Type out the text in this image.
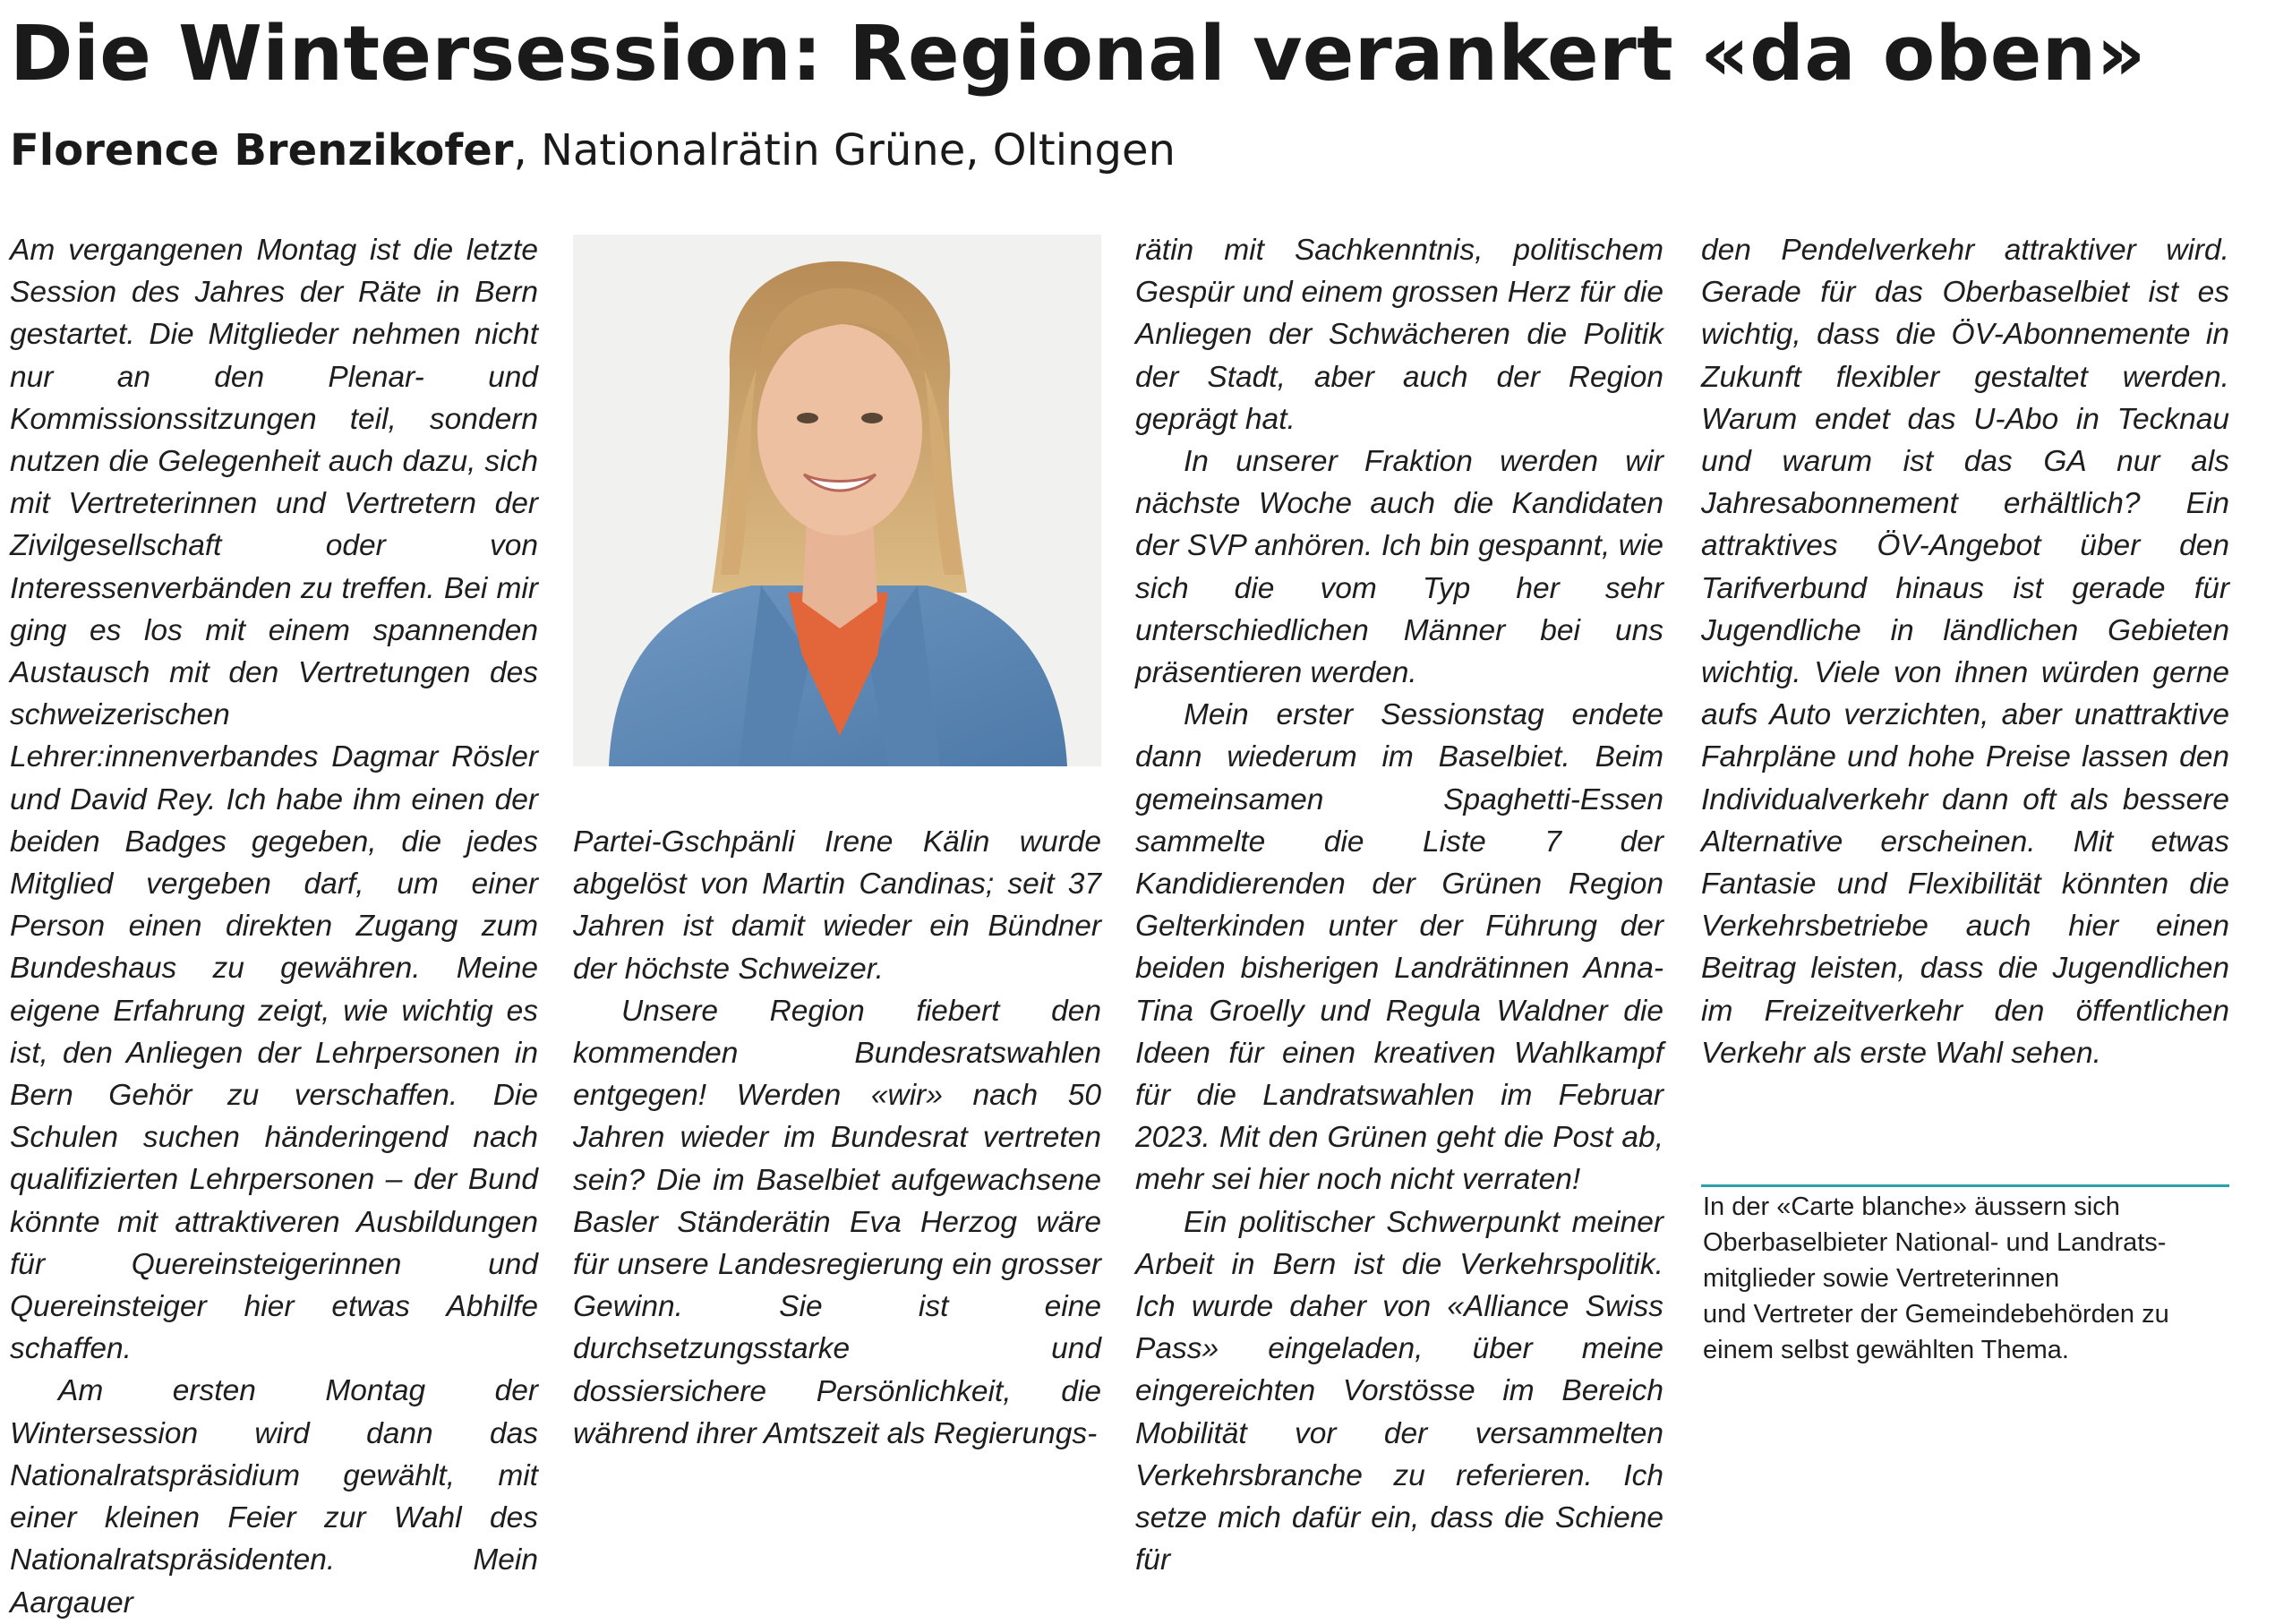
Die Wintersession: Regional verankert «da oben»
Florence Brenzikofer, Nationalrätin Grüne, Oltingen

Am vergangenen Montag ist die letzte Session des Jahres der Räte in Bern gestartet. Die Mitglieder nehmen nicht nur an den Plenar- und Kommissionssitzungen teil, sondern nutzen die Gelegenheit auch dazu, sich mit Vertreterinnen und Vertretern der Zivilgesellschaft oder von Interessenverbänden zu treffen. Bei mir ging es los mit einem spannenden Austausch mit den Vertretungen des schweizerischen Lehrer:innenverbandes Dagmar Rösler und David Rey. Ich habe ihm einen der beiden Badges gegeben, die jedes Mitglied vergeben darf, um einer Person einen direkten Zugang zum Bundeshaus zu gewähren. Meine eigene Erfahrung zeigt, wie wichtig es ist, den Anliegen der Lehrpersonen in Bern Gehör zu verschaffen. Die Schulen suchen händeringend nach qualifizierten Lehrpersonen – der Bund könnte mit attraktiveren Ausbildungen für Quereinsteigerinnen und Quereinsteiger hier etwas Abhilfe schaffen.

Am ersten Montag der Wintersession wird dann das Nationalratspräsidium gewählt, mit einer kleinen Feier zur Wahl des Nationalratspräsidenten. Mein Aargauer

Partei-Gschpänli Irene Kälin wurde abgelöst von Martin Candinas; seit 37 Jahren ist damit wieder ein Bündner der höchste Schweizer.

Unsere Region fiebert den kommenden Bundesratswahlen entgegen! Werden «wir» nach 50 Jahren wieder im Bundesrat vertreten sein? Die im Baselbiet aufgewachsene Basler Ständerätin Eva Herzog wäre für unsere Landesregierung ein grosser Gewinn. Sie ist eine durchsetzungsstarke und dossiersichere Persönlichkeit, die während ihrer Amtszeit als Regierungs-

rätin mit Sachkenntnis, politischem Gespür und einem grossen Herz für die Anliegen der Schwächeren die Politik der Stadt, aber auch der Region geprägt hat.

In unserer Fraktion werden wir nächste Woche auch die Kandidaten der SVP anhören. Ich bin gespannt, wie sich die vom Typ her sehr unterschiedlichen Männer bei uns präsentieren werden.

Mein erster Sessionstag endete dann wiederum im Baselbiet. Beim gemeinsamen Spaghetti-Essen sammelte die Liste 7 der Kandidierenden der Grünen Region Gelterkinden unter der Führung der beiden bisherigen Landrätinnen Anna-Tina Groelly und Regula Waldner die Ideen für einen kreativen Wahlkampf für die Landratswahlen im Februar 2023. Mit den Grünen geht die Post ab, mehr sei hier noch nicht verraten!

Ein politischer Schwerpunkt meiner Arbeit in Bern ist die Verkehrspolitik. Ich wurde daher von «Alliance Swiss Pass» eingeladen, über meine eingereichten Vorstösse im Bereich Mobilität vor der versammelten Verkehrsbranche zu referieren. Ich setze mich dafür ein, dass die Schiene für

den Pendelverkehr attraktiver wird. Gerade für das Oberbaselbiet ist es wichtig, dass die ÖV-Abonnemente in Zukunft flexibler gestaltet werden. Warum endet das U-Abo in Tecknau und warum ist das GA nur als Jahresabonnement erhältlich? Ein attraktives ÖV-Angebot über den Tarifverbund hinaus ist gerade für Jugendliche in ländlichen Gebieten wichtig. Viele von ihnen würden gerne aufs Auto verzichten, aber unattraktive Fahrpläne und hohe Preise lassen den Individualverkehr dann oft als bessere Alternative erscheinen. Mit etwas Fantasie und Flexibilität könnten die Verkehrsbetriebe auch hier einen Beitrag leisten, dass die Jugendlichen im Freizeitverkehr den öffentlichen Verkehr als erste Wahl sehen.

In der «Carte blanche» äussern sich
Oberbaselbieter National- und Landrats-
mitglieder sowie Vertreterinnen
und Vertreter der Gemeindebehörden zu
einem selbst gewählten Thema.
